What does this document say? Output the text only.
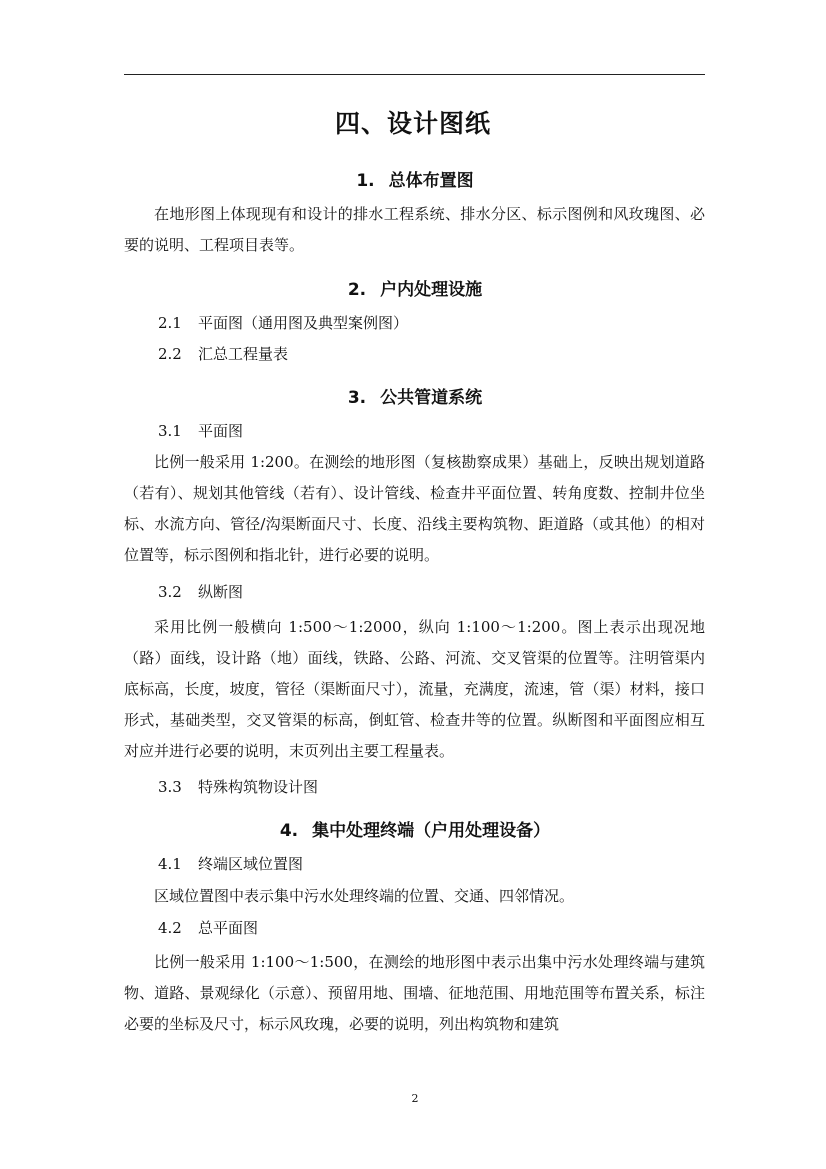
四、设计图纸
1. 总体布置图

在地形图上体现现有和设计的排水工程系统、排水分区、标示图例和风玫瑰图、必要的说明、工程项目表等。

2. 户内处理设施

2.1 平面图（通用图及典型案例图）

2.2 汇总工程量表

3. 公共管道系统

3.1 平面图

比例一般采用 1:200。在测绘的地形图（复核勘察成果）基础上，反映出规划道路（若有）、规划其他管线（若有）、设计管线、检查井平面位置、转角度数、控制井位坐标、水流方向、管径/沟渠断面尺寸、长度、沿线主要构筑物、距道路（或其他）的相对位置等，标示图例和指北针，进行必要的说明。

3.2 纵断图

采用比例一般横向 1:500～1:2000，纵向 1:100～1:200。图上表示出现况地（路）面线，设计路（地）面线，铁路、公路、河流、交叉管渠的位置等。注明管渠内底标高，长度，坡度，管径（渠断面尺寸），流量，充满度，流速，管（渠）材料，接口形式，基础类型，交叉管渠的标高，倒虹管、检查井等的位置。纵断图和平面图应相互对应并进行必要的说明，末页列出主要工程量表。

3.3 特殊构筑物设计图

4. 集中处理终端（户用处理设备）

4.1 终端区域位置图

区域位置图中表示集中污水处理终端的位置、交通、四邻情况。

4.2 总平面图

比例一般采用 1:100～1:500，在测绘的地形图中表示出集中污水处理终端与建筑物、道路、景观绿化（示意）、预留用地、围墙、征地范围、用地范围等布置关系，标注必要的坐标及尺寸，标示风玫瑰，必要的说明，列出构筑物和建筑

2
